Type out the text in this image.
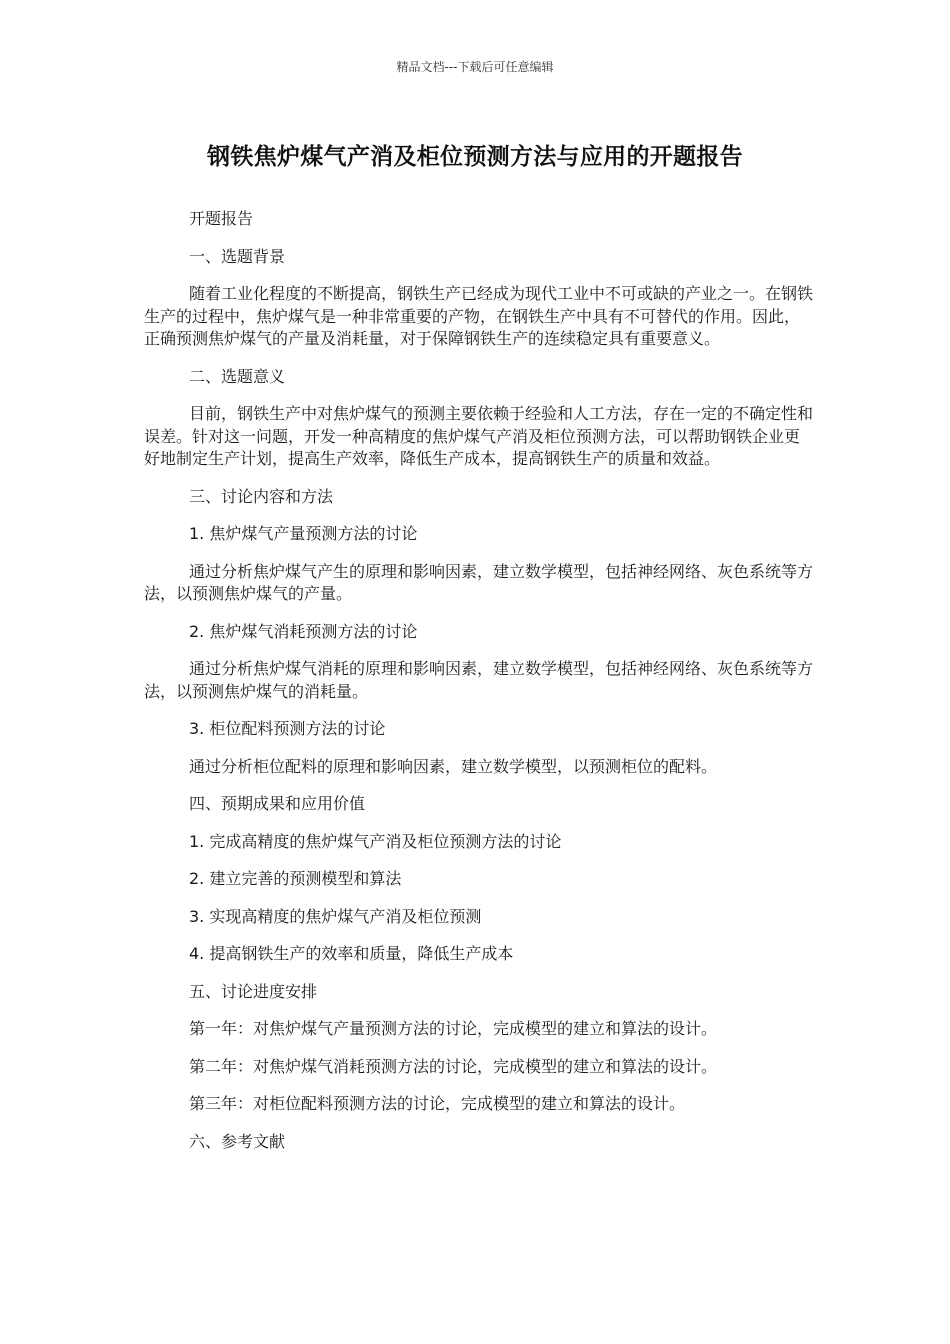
精品文档---下载后可任意编辑
钢铁焦炉煤气产消及柜位预测方法与应用的开题报告

开题报告

一、选题背景

随着工业化程度的不断提高，钢铁生产已经成为现代工业中不可或缺的产业之一。在钢铁生产的过程中，焦炉煤气是一种非常重要的产物，在钢铁生产中具有不可替代的作用。因此，正确预测焦炉煤气的产量及消耗量，对于保障钢铁生产的连续稳定具有重要意义。

二、选题意义

目前，钢铁生产中对焦炉煤气的预测主要依赖于经验和人工方法，存在一定的不确定性和误差。针对这一问题，开发一种高精度的焦炉煤气产消及柜位预测方法，可以帮助钢铁企业更好地制定生产计划，提高生产效率，降低生产成本，提高钢铁生产的质量和效益。

三、讨论内容和方法

1. 焦炉煤气产量预测方法的讨论

通过分析焦炉煤气产生的原理和影响因素，建立数学模型，包括神经网络、灰色系统等方法，以预测焦炉煤气的产量。

2. 焦炉煤气消耗预测方法的讨论

通过分析焦炉煤气消耗的原理和影响因素，建立数学模型，包括神经网络、灰色系统等方法，以预测焦炉煤气的消耗量。

3. 柜位配料预测方法的讨论

通过分析柜位配料的原理和影响因素，建立数学模型，以预测柜位的配料。

四、预期成果和应用价值

1. 完成高精度的焦炉煤气产消及柜位预测方法的讨论

2. 建立完善的预测模型和算法

3. 实现高精度的焦炉煤气产消及柜位预测

4. 提高钢铁生产的效率和质量，降低生产成本

五、讨论进度安排

第一年：对焦炉煤气产量预测方法的讨论，完成模型的建立和算法的设计。

第二年：对焦炉煤气消耗预测方法的讨论，完成模型的建立和算法的设计。

第三年：对柜位配料预测方法的讨论，完成模型的建立和算法的设计。

六、参考文献
